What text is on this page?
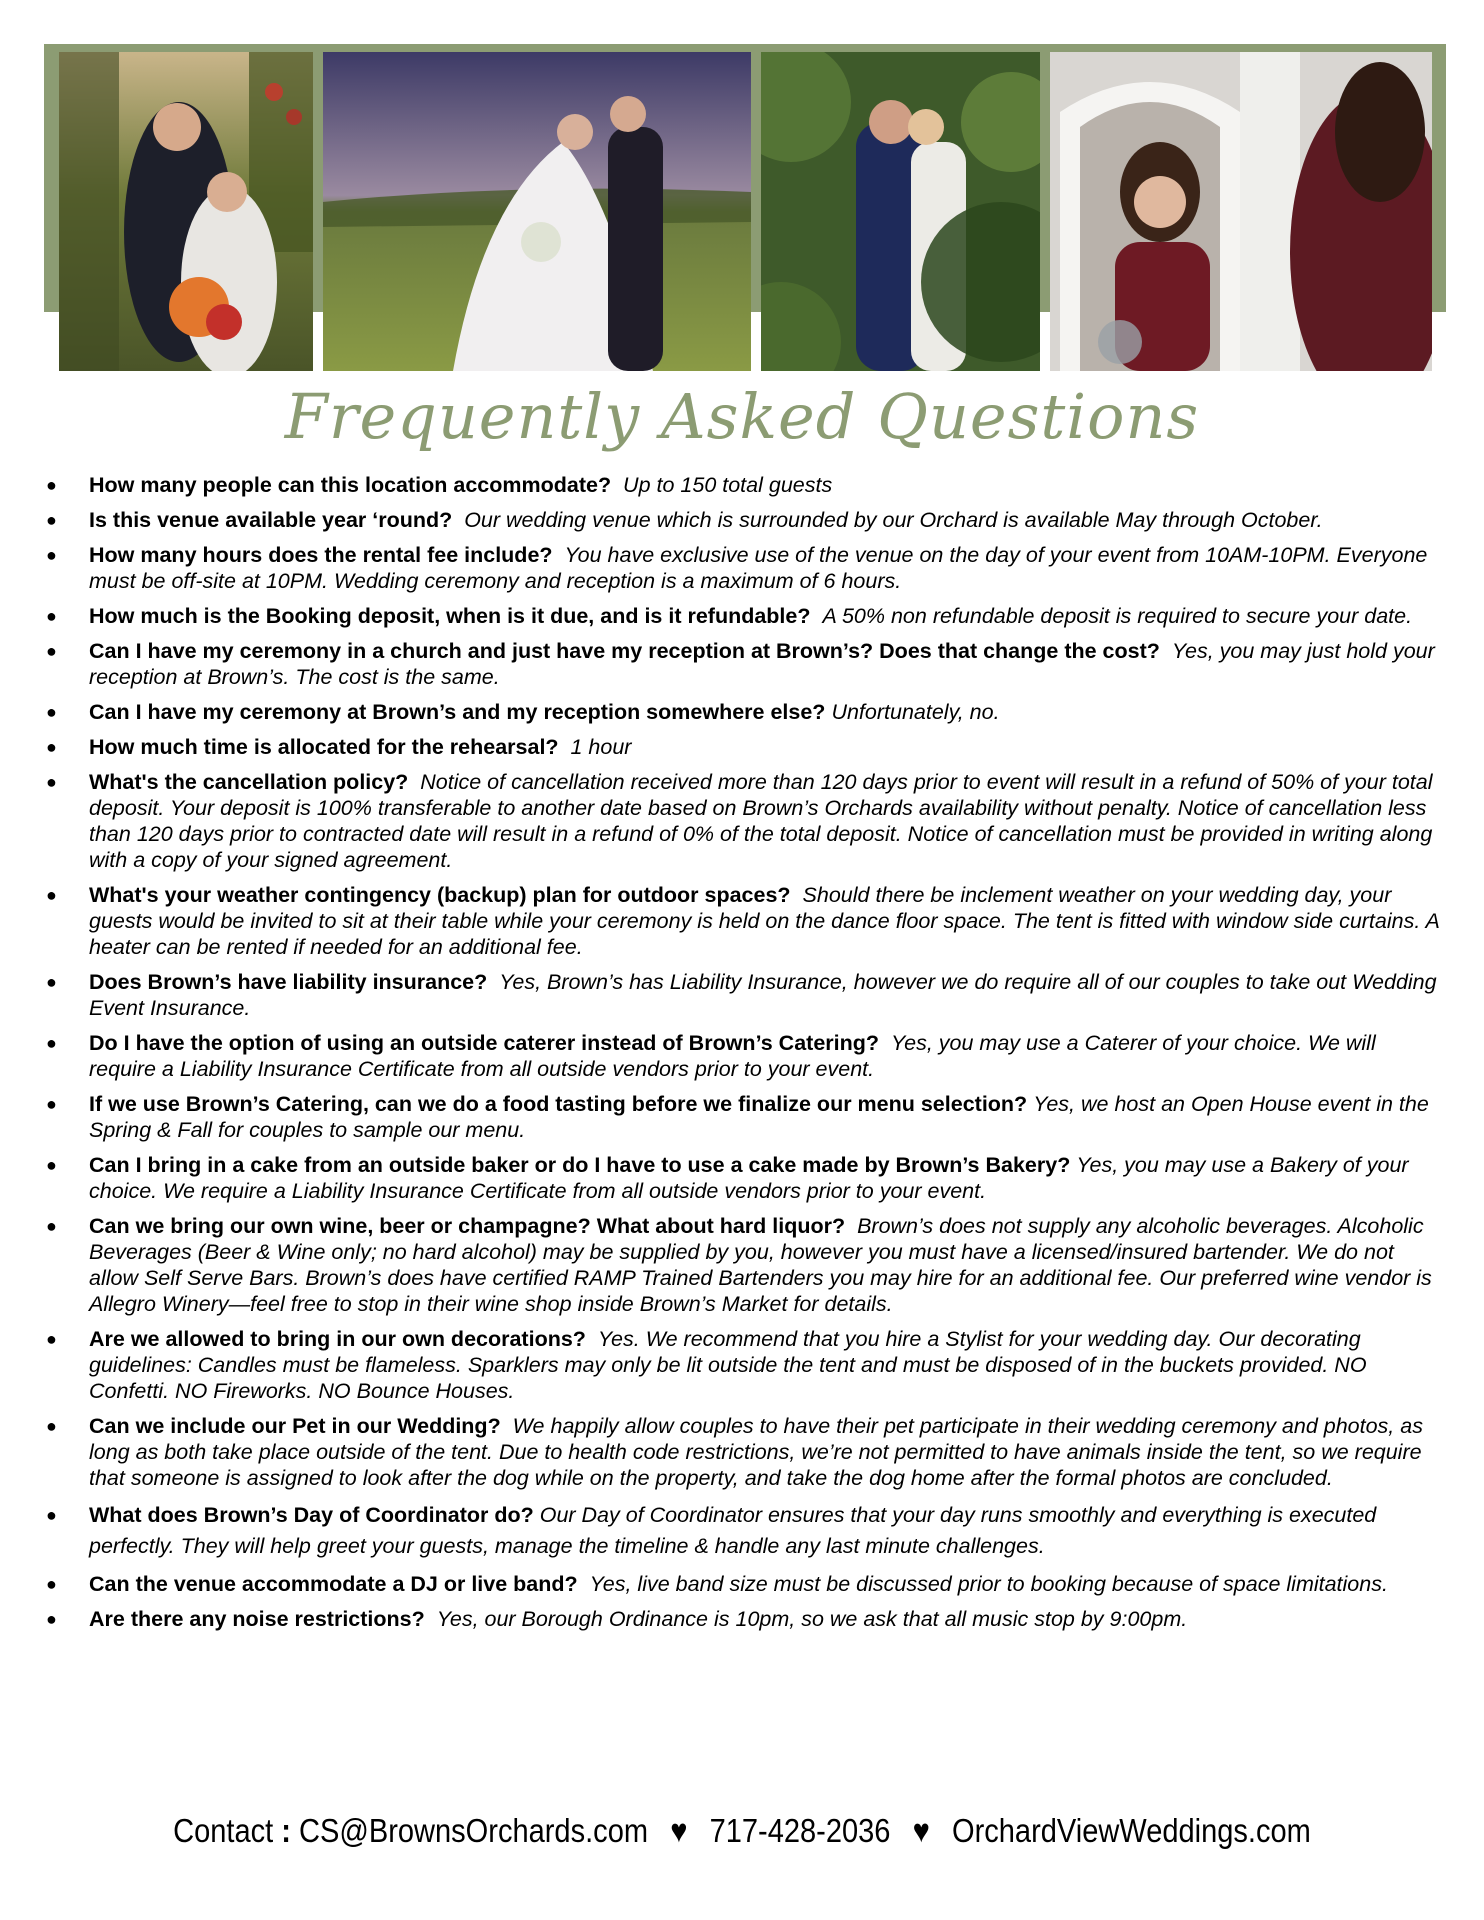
Frequently Asked Questions
● How many people can this location accommodate? Up to 150 total guests
● Is this venue available year ‘round? Our wedding venue which is surrounded by our Orchard is available May through October.
● How many hours does the rental fee include? You have exclusive use of the venue on the day of your event from 10AM-10PM. Everyone must be off-site at 10PM. Wedding ceremony and reception is a maximum of 6 hours.
● How much is the Booking deposit, when is it due, and is it refundable? A 50% non refundable deposit is required to secure your date.
● Can I have my ceremony in a church and just have my reception at Brown’s? Does that change the cost? Yes, you may just hold your reception at Brown’s. The cost is the same.
● Can I have my ceremony at Brown’s and my reception somewhere else? Unfortunately, no.
● How much time is allocated for the rehearsal? 1 hour
● What's the cancellation policy? Notice of cancellation received more than 120 days prior to event will result in a refund of 50% of your total deposit. Your deposit is 100% transferable to another date based on Brown’s Orchards availability without penalty. Notice of cancellation less than 120 days prior to contracted date will result in a refund of 0% of the total deposit. Notice of cancellation must be provided in writing along with a copy of your signed agreement.
● What's your weather contingency (backup) plan for outdoor spaces? Should there be inclement weather on your wedding day, your guests would be invited to sit at their table while your ceremony is held on the dance floor space. The tent is fitted with window side curtains. A heater can be rented if needed for an additional fee.
● Does Brown’s have liability insurance? Yes, Brown’s has Liability Insurance, however we do require all of our couples to take out Wedding Event Insurance.
● Do I have the option of using an outside caterer instead of Brown’s Catering? Yes, you may use a Caterer of your choice. We will require a Liability Insurance Certificate from all outside vendors prior to your event.
● If we use Brown’s Catering, can we do a food tasting before we finalize our menu selection? Yes, we host an Open House event in the Spring & Fall for couples to sample our menu.
● Can I bring in a cake from an outside baker or do I have to use a cake made by Brown’s Bakery? Yes, you may use a Bakery of your choice. We require a Liability Insurance Certificate from all outside vendors prior to your event.
● Can we bring our own wine, beer or champagne? What about hard liquor? Brown’s does not supply any alcoholic beverages. Alcoholic Beverages (Beer & Wine only; no hard alcohol) may be supplied by you, however you must have a licensed/insured bartender. We do not allow Self Serve Bars. Brown’s does have certified RAMP Trained Bartenders you may hire for an additional fee. Our preferred wine vendor is Allegro Winery—feel free to stop in their wine shop inside Brown’s Market for details.
● Are we allowed to bring in our own decorations? Yes. We recommend that you hire a Stylist for your wedding day. Our decorating guidelines: Candles must be flameless. Sparklers may only be lit outside the tent and must be disposed of in the buckets provided. NO Confetti. NO Fireworks. NO Bounce Houses.
● Can we include our Pet in our Wedding? We happily allow couples to have their pet participate in their wedding ceremony and photos, as long as both take place outside of the tent. Due to health code restrictions, we’re not permitted to have animals inside the tent, so we require that someone is assigned to look after the dog while on the property, and take the dog home after the formal photos are concluded.
● What does Brown’s Day of Coordinator do? Our Day of Coordinator ensures that your day runs smoothly and everything is executed perfectly. They will help greet your guests, manage the timeline & handle any last minute challenges.
● Can the venue accommodate a DJ or live band? Yes, live band size must be discussed prior to booking because of space limitations.
● Are there any noise restrictions? Yes, our Borough Ordinance is 10pm, so we ask that all music stop by 9:00pm.
Contact : CS@BrownsOrchards.com ♥ 717-428-2036 ♥ OrchardViewWeddings.com
